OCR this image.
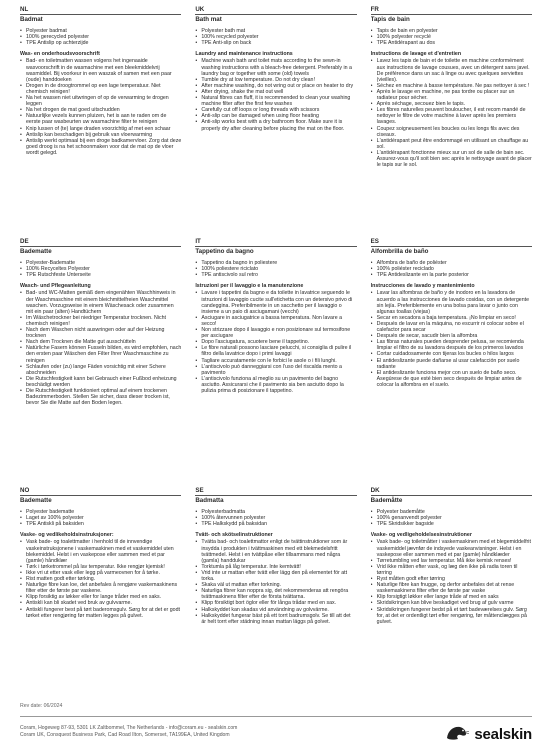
NL
Badmat
• Polyester badmat
• 100% gerecycled polyester
• TPE Antislip op achterzijde
Was- en onderhoudsvoorschrift
• Bad- en toiletmatten wassen volgens het ingenaaide wasvoorschrift in de wasmachine met een bleekmiddelvrij wasmiddel. Bij voorkeur in een waszak of samen met een paar (oude) handdoeken
• Drogen in de droogtrommel op een lage temperatuur. Niet chemisch reinigen!
• Na het wassen niet uitwringen of op de verwarming te drogen leggen
• Na het drogen de mat goed uitschudden
• Natuurlijke vezels kunnen pluizen, het is aan te raden om de eerste paar wasbeurten uw wasmachine filter te reinigen
• Knip lussen of (te) lange draden voorzichtig af met een schaar
• Antislip kan beschadigen bij gebruik van vloerwarming
• Antislip werkt optimaal bij een droge badkamervloer. Zorg dat deze goed droog is na het schoonmaken voor dat de mat op de vloer wordt gelegd.
UK
Bath mat
• Polyester bath mat
• 100% recycled polyester
• TPE Anti-slip on back
Laundry and maintenance instructions
• Machine wash bath and toilet mats according to the sewn-in washing instructions with a bleach-free detergent. Preferably in a laundry bag or together with some (old) towels
• Tumble dry at low temperature. Do not dry clean!
• After machine washing, do not wring out or place on heater to dry
• After drying, shake the mat out well
• Natural fibres can fluff, it is recommended to clean your washing machine filter after the first few washes
• Carefully cut off loops or long threads with scissors
• Anti-slip can be damaged when using floor heating
• Anti-slip works best with a dry bathroom floor. Make sure it is properly dry after cleaning before placing the mat on the floor.
FR
Tapis de bain
• Tapis de bain en polyester
• 100% polyester recyclé
• TPE Antidérapant au dos
Instructions de lavage et d'entretien
• Lavez les tapis de bain et de toilette en machine conformément aux instructions de lavage cousues, avec un détergent sans javel. De préférence dans un sac à linge ou avec quelques serviettes (vieilles).
• Séchez en machine à basse température. Ne pas nettoyer à sec !
• Après le lavage en machine, ne pas tordre ou placer sur un radiateur pour sécher.
• Après séchage, secouez bien le tapis.
• Les fibres naturelles peuvent bouloucher, il est recom mandé de nettoyer le filtre de votre machine à laver après les premiers lavages.
• Coupez soigneusement les boucles ou les longs fils avec des ciseaux.
• L'antidérapant peut être endommagé en utilisant un chauffage au sol.
• L'antidérapant fonctionne mieux sur un sol de salle de bain sec. Assurez-vous qu'il soit bien sec après le nettoyage avant de placer le tapis sur le sol.
DE
Badematte
• Polyester-Badematte
• 100% Recyceltes Polyester
• TPE Rutschfeste Unterseite
Wasch- und Pflegeanleitung
• Bad- und WC-Matten gemäß dem eingenähten Waschhinweis in der Waschmaschine mit einem bleichmittelfreien Waschmittel waschen. Vorzugsweise in einem Wäschesack oder zusammen mit ein paar (alten) Handtüchern
• Im Wäschetrockner bei niedriger Temperatur trocknen. Nicht chemisch reinigen!
• Nach dem Waschen nicht auswringen oder auf der Heizung trocknen
• Nach dem Trocknen die Matte gut ausschütteln
• Natürliche Fasern können Fusseln bilden, es wird empfohlen, nach den ersten paar Wäschen den Filter Ihrer Waschmaschine zu reinigen
• Schlaufen oder (zu) lange Fäden vorsichtig mit einer Schere abschneiden
• Die Rutschfestigkeit kann bei Gebrauch einer Fußbod enheizung beschädigt werden
• Die Rutschfestigkeit funktioniert optimal auf einem trockenen Badezimmerboden. Stellen Sie sicher, dass dieser trocken ist, bevor Sie die Matte auf den Boden legen.
IT
Tappetino da bagno
• Tappetino da bagno in poliestere
• 100% poliestere riciclato
• TPE antiscivolo sul retro
Istruzioni per il lavaggio e la manutenzione
• Lavare i tappetini da bagno e da toilette in lavatrice seguendo le istruzioni di lavaggio cucite sull'etichetta con un detersivo privo di candeggina. Preferibilmente in un sacchetto per il lavaggio o insieme a un paio di asciugamani (vecchi)
• Asciugare in asciugatrice a bassa temperatura. Non lavare a secco!
• Non strizzare dopo il lavaggio e non posizionare sul termosifone per asciugare
• Dopo l'asciugatura, scuotere bene il tappetino.
• Le fibre naturali possono lasciare pelucchi, si consiglia di pulire il filtro della lavatrice dopo i primi lavaggi
• Tagliare accuratamente con le forbici le asole o i fili lunghi.
• L'antiscivolo può danneggiarsi con l'uso del riscalda mento a pavimento
• L'antiscivolo funziona al meglio su un pavimento del bagno asciutto. Assicurarsi che il pavimento sia ben asciutto dopo la pulizia prima di posizionare il tappetino.
ES
Alfombrilla de baño
• Alfombra de baño de poliéster
• 100% poliéster reciclado
• TPE Antideslizante en la parte posterior
Instrucciones de lavado y mantenimiento
• Lavar las alfombras de baño y de inodoro en la lavadora de acuerdo a las instrucciones de lavado cosidas, con un detergente sin lejía. Preferiblemente en una bolsa para lavar o junto con algunas toallas (viejas)
• Secar en secadora a baja temperatura. ¡No limpiar en seco!
• Después de lavar en la máquina, no escurrir ni colocar sobre el calefactor para secar
• Después de secar, sacudir bien la alfombra
• Las fibras naturales pueden desprender pelusa, se recomienda limpiar el filtro de su lavadora después de los primeros lavados
• Cortar cuidadosamente con tijeras los bucles o hilos largos
• El antideslizante puede dañarse al usar calefacción por suelo radiante
• El antideslizante funciona mejor con un suelo de baño seco. Asegúrese de que esté bien seco después de limpiar antes de colocar la alfombra en el suelo.
NO
Badematte
• Polyester badematte
• Laget av 100% polyester
• TPE Antiskli på baksiden
Vaske- og vedlikeholdsinstruksjoner:
• Vask bade- og toalettmatter i henhold til de innvendige vaskeinstruksjonene i vaskemaskinen med et vaskemiddel uten blekemiddel. Helst i en vaskepose eller sammen med et par (gamle) håndklær
• Tørk i tørketrommel på lav temperatur. Ikke rengjør kjemisk!
• Ikke vri ut etter vask eller legg på varmeovnen for å tørke.
• Rist matten godt etter tørking.
• Naturlige fibre kan loe, det anbefales å rengjøre vaskemaskinens filter etter de første par vaskene.
• Klipp forsiktig av løkker eller for lange tråder med en saks.
• Antiskli kan bli skadet ved bruk av gulvvarme.
• Antiskli fungerer best på tørt baderomsgulv. Sørg for at det er godt tørket etter rengjøring før matten legges på gulvet.
SE
Badmatta
• Polyesterbadmatta
• 100% återvunnen polyester
• TPE Halkskydd på baksidan
Tvätt- och skötselinstruktioner
• Tvätta bad- och toalettmattor enligt de tvättinstruktioner som är insydda i produkten i tvättmaskinen med ett blekmedelsfritt tvättmedel. Helst i en tvättpåse eller tillsammans med några (gamla) handdukar
• Torktumla på låg temperatur. Inte kemtvätt!
• Vrid inte ur mattan efter tvätt eller lägg den på elementet för att torka.
• Skaka väl ut mattan efter torkning.
• Naturliga fibrer kan noppra sig, det rekommenderas att rengöra tvättmaskinens filter efter de första tvättarna.
• Klipp försiktigt bort öglor eller för långa trådar med en sax.
• Halkskyddet kan skadas vid användning av golvvärme.
• Halkskyddet fungerar bäst på ett torrt badrumsgolv. Se till att det är helt torrt efter städning innan mattan läggs på golvet.
DK
Bademåtte
• Polyester bademåtte
• 100% genanvendt polyester
• TPE Skridsikker bagside
Vaske- og vedligeholdelsesinstruktioner
• Vask bade- og toiletmåtter i vaskemaskinen med et blegemiddelfrit vaskemiddel jævnfør de indsyede vaskeanvisninger. Helst i en vaskepose eller sammen med et par (gamle) håndklæder
• Tørretumbling ved lav temperatur. Må ikke kemisk renses!
• Vrid ikke måtten efter vask, og læg den ikke på radia toren til tørring
• Ryst måtten godt efter tørring
• Naturlige fibre kan fnugge, og derfor anbefales det at rense vaskemaskinens filter efter de første par vaske
• Klip forsigtigt løkker eller lange tråde af med en saks
• Skridsikringen kan blive beskadiget ved brug af gulv varme
• Skridsikringen fungerer bedst på et tørt badeværelses gulv. Sørg for, at det er ordentligt tørt efter rengøring, før måttenclægges på gulvet.
Rev date: 06/2024
Coram, Hogeweg 87-93, 5301 LK Zaltbommel, The Netherlands - info@coram.eu - sealskin.com
Coram UK, Consquest Business Park, Cad Road Ilton, Somerset, TA199EA, United Kingdom	sealskin
